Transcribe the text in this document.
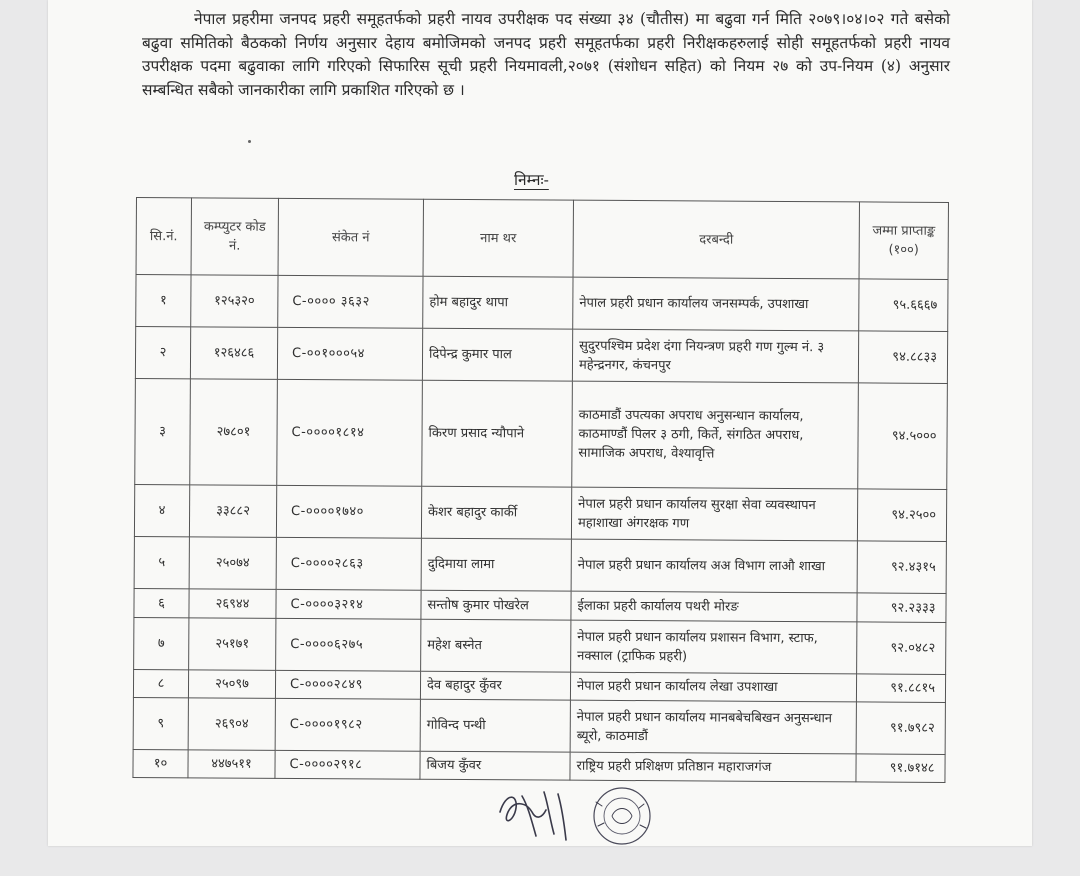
नेपाल प्रहरीमा जनपद प्रहरी समूहतर्फको प्रहरी नायव उपरीक्षक पद संख्या ३४ (चौतीस) मा बढुवा गर्न मिति २०७९।०४।०२ गते बसेको बढुवा समितिको बैठकको निर्णय अनुसार देहाय बमोजिमको जनपद प्रहरी समूहतर्फका प्रहरी निरीक्षकहरुलाई सोही समूहतर्फको प्रहरी नायव उपरीक्षक पदमा बढुवाका लागि गरिएको सिफारिस सूची प्रहरी नियमावली,२०७१ (संशोधन सहित) को नियम २७ को उप-नियम (४) अनुसार सम्बन्धित सबैको जानकारीका लागि प्रकाशित गरिएको छ ।

निम्नः-
सि.नं.	कम्प्युटर कोड नं.	संकेत नं	नाम थर	दरबन्दी	जम्मा प्राप्ताङ्क (१००)
१	१२५३२०	C-०००० ३६३२	होम बहादुर थापा	नेपाल प्रहरी प्रधान कार्यालय जनसम्पर्क, उपशाखा	९५.६६६७
२	१२६४८६	C-००१०००५४	दिपेन्द्र कुमार पाल	सुदुरपश्चिम प्रदेश दंगा नियन्त्रण प्रहरी गण गुल्म नं. ३ महेन्द्रनगर, कंचनपुर	९४.८८३३
३	२७८०१	C-००००१८१४	किरण प्रसाद न्यौपाने	काठमाडौं उपत्यका अपराध अनुसन्धान कार्यालय, काठमाण्डौं पिलर ३ ठगी, किर्ते, संगठित अपराध, सामाजिक अपराध, वेश्यावृत्ति	९४.५०००
४	३३८८२	C-००००१७४०	केशर बहादुर कार्की	नेपाल प्रहरी प्रधान कार्यालय सुरक्षा सेवा व्यवस्थापन महाशाखा अंगरक्षक गण	९४.२५००
५	२५०७४	C-००००२८६३	दुदिमाया लामा	नेपाल प्रहरी प्रधान कार्यालय अअ विभाग लाऔ शाखा	९२.४३१५
६	२६९४४	C-००००३२१४	सन्तोष कुमार पोखरेल	ईलाका प्रहरी कार्यालय पथरी मोरङ	९२.२३३३
७	२५१७१	C-००००६२७५	महेश बस्नेत	नेपाल प्रहरी प्रधान कार्यालय प्रशासन विभाग, स्टाफ, नक्साल (ट्राफिक प्रहरी)	९२.०४८२
८	२५०९७	C-००००२८४९	देव बहादुर कुँवर	नेपाल प्रहरी प्रधान कार्यालय लेखा उपशाखा	९१.८८१५
९	२६९०४	C-००००१९८२	गोविन्द पन्थी	नेपाल प्रहरी प्रधान कार्यालय मानबबेचबिखन अनुसन्धान ब्यूरो, काठमाडौं	९१.७९८२
१०	४४७५११	C-००००२९१८	बिजय कुँवर	राष्ट्रिय प्रहरी प्रशिक्षण प्रतिष्ठान महाराजगंज	९१.७१४८
